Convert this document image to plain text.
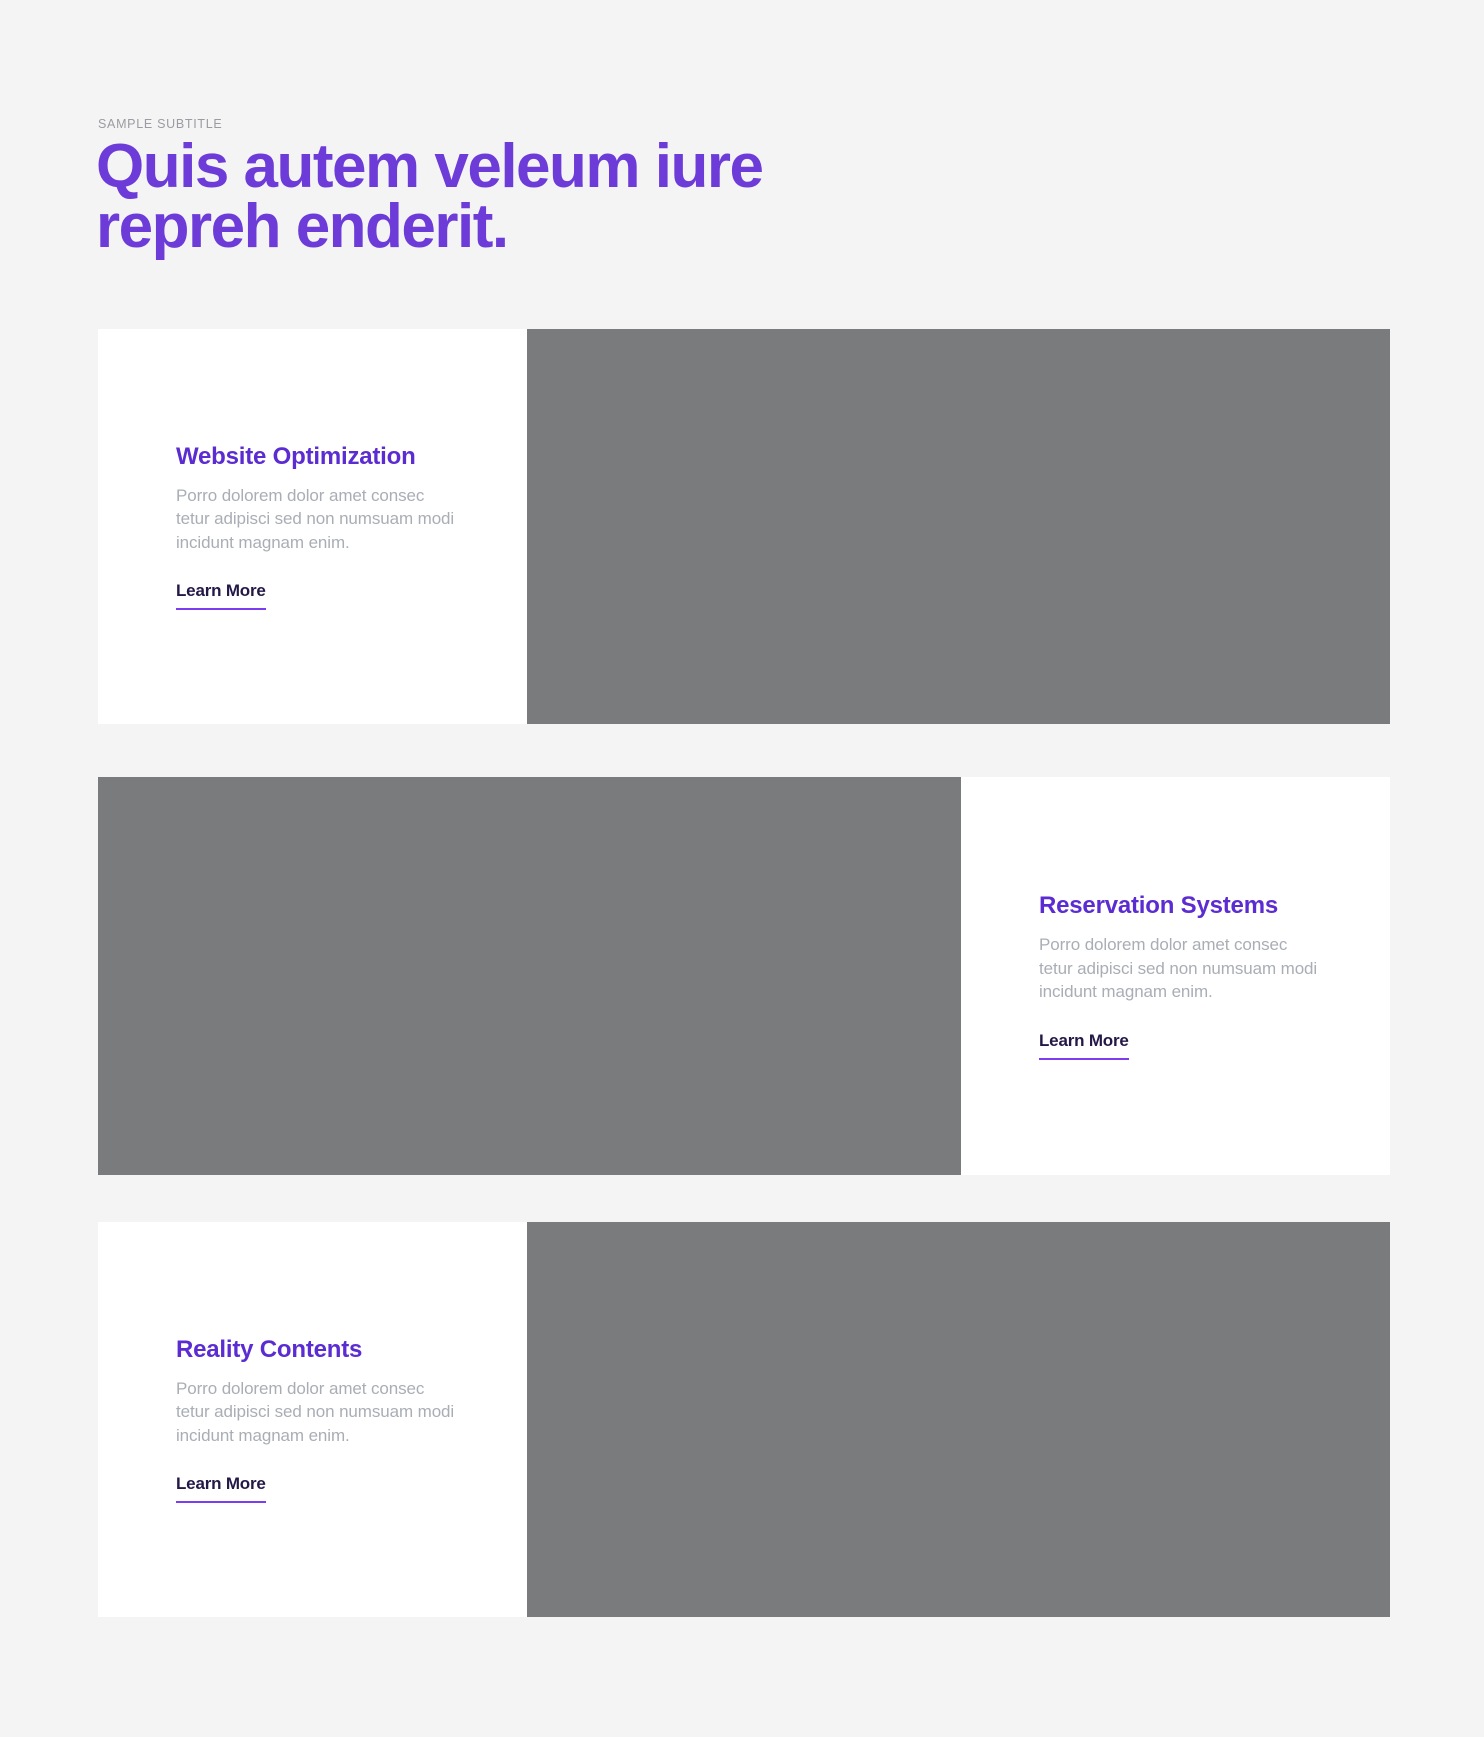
SAMPLE SUBTITLE
Quis autem veleum iure
repreh enderit.
Website Optimization

Porro dolorem dolor amet consec
tetur adipisci sed non numsuam modi
incidunt magnam enim.

Learn More
Reservation Systems

Porro dolorem dolor amet consec
tetur adipisci sed non numsuam modi
incidunt magnam enim.

Learn More
Reality Contents

Porro dolorem dolor amet consec
tetur adipisci sed non numsuam modi
incidunt magnam enim.

Learn More
